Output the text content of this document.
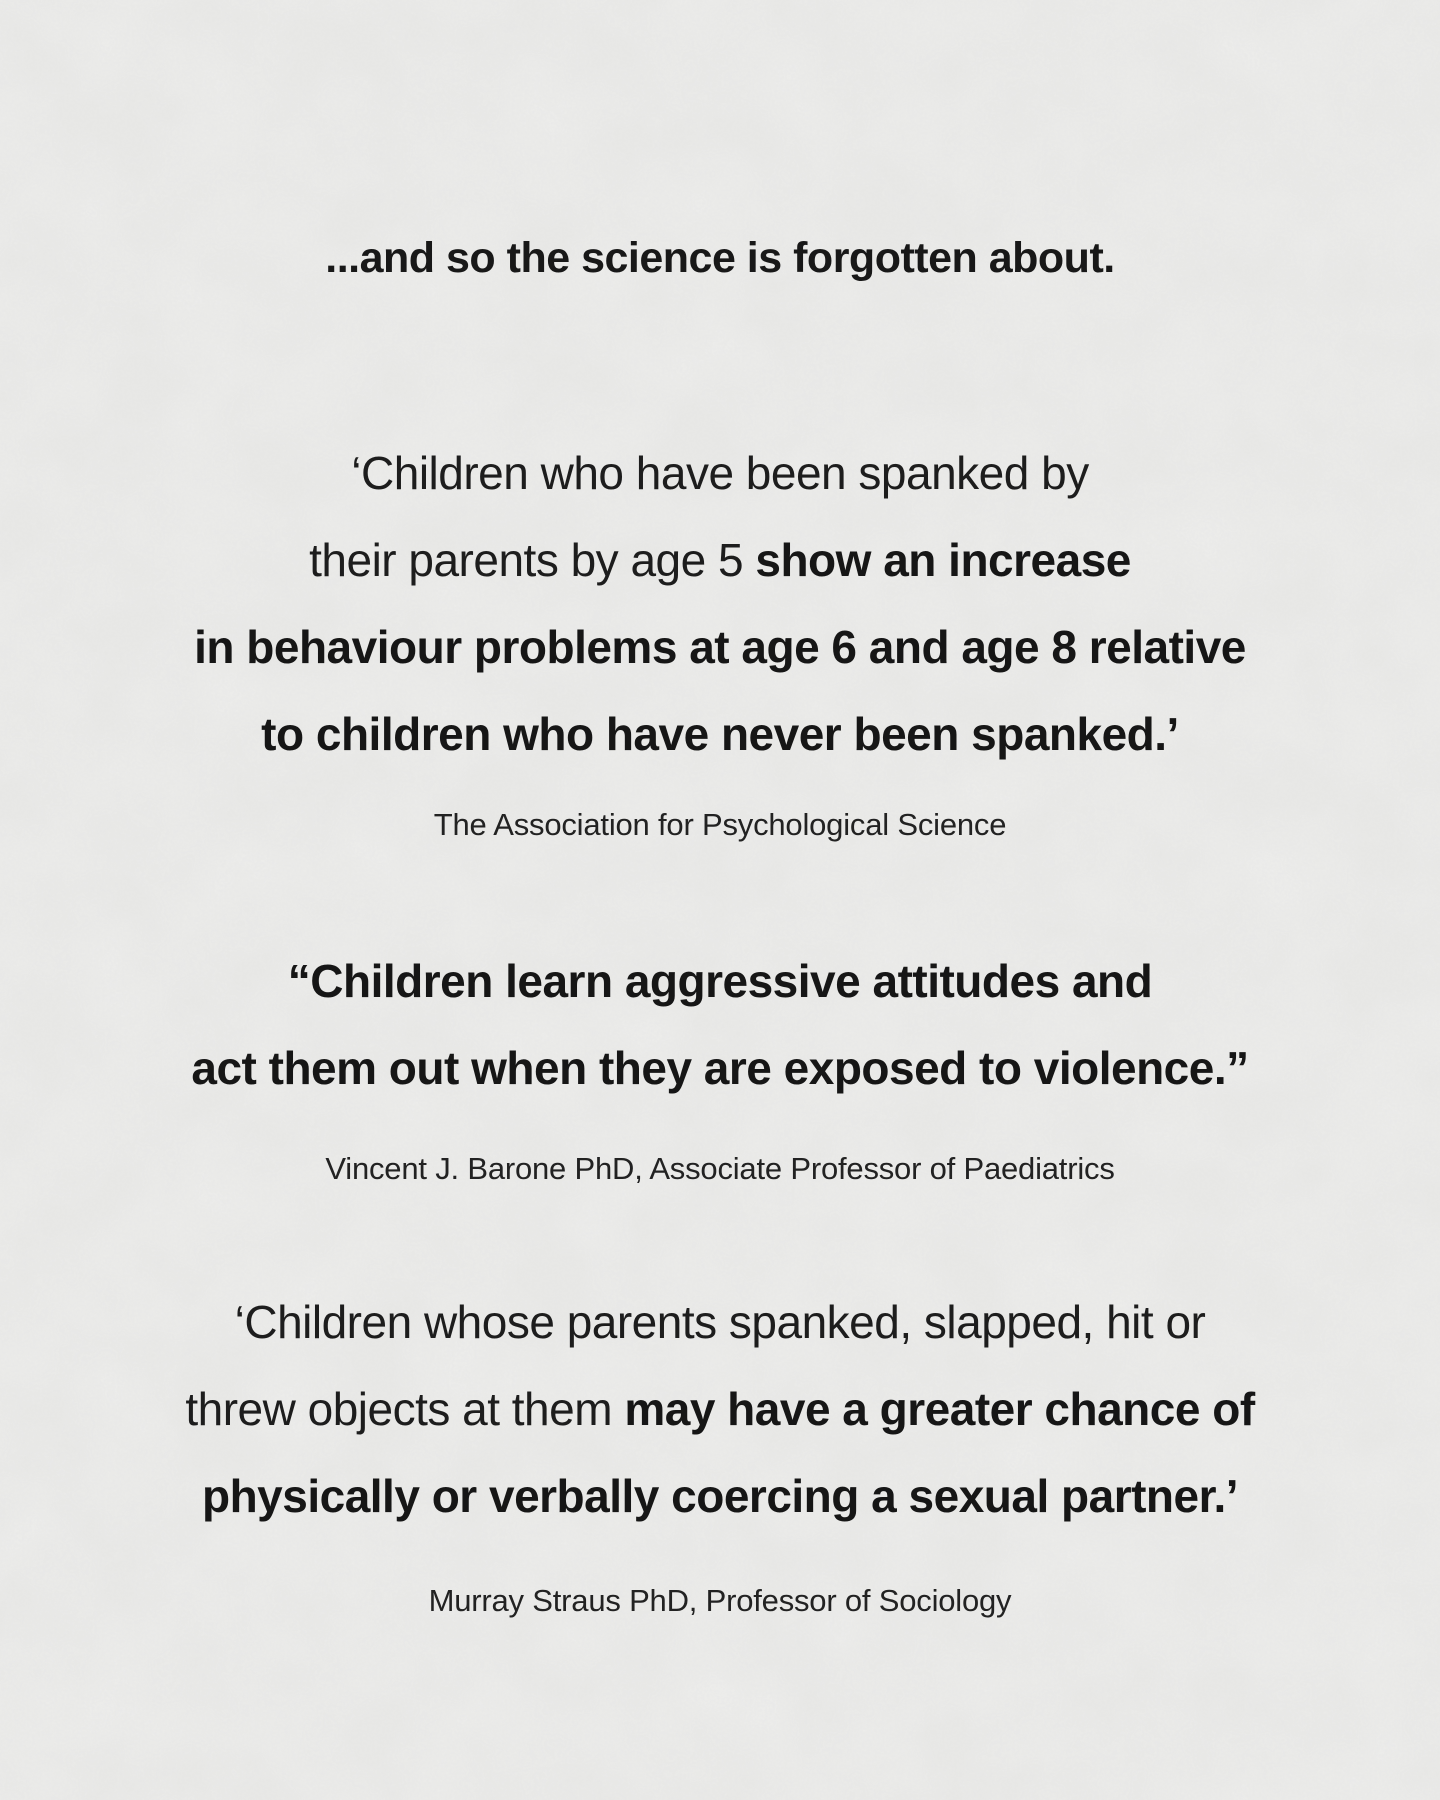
...and so the science is forgotten about.

‘Children who have been spanked by
their parents by age 5 show an increase
in behaviour problems at age 6 and age 8 relative
to children who have never been spanked.’

The Association for Psychological Science

“Children learn aggressive attitudes and
act them out when they are exposed to violence.”

Vincent J. Barone PhD, Associate Professor of Paediatrics

‘Children whose parents spanked, slapped, hit or
threw objects at them may have a greater chance of
physically or verbally coercing a sexual partner.’

Murray Straus PhD, Professor of Sociology
